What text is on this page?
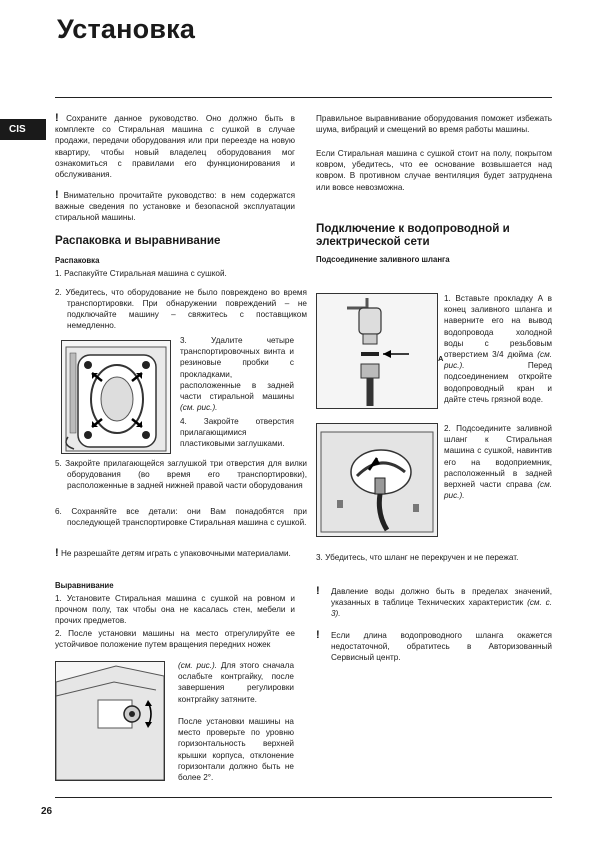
Установка
CIS
! Сохраните данное руководство. Оно должно быть в комплекте со Стиральная машина с сушкой в случае продажи, передачи оборудования или при переезде на новую квартиру, чтобы новый владелец оборудования мог ознакомиться с правилами его функционирования и обслуживания.
! Внимательно прочитайте руководство: в нем содержатся важные сведения по установке и безопасной эксплуатации стиральной машины.
Распаковка и выравнивание
Распаковка
1. Распакуйте Стиральная машина с сушкой.
2. Убедитесь, что оборудование не было повреждено во время транспортировки. При обнаружении повреждений – не подключайте машину – свяжитесь с поставщиком немедленно.
3. Удалите четыре транспортировочных винта и резиновые пробки с прокладками, расположенные в задней части стиральной машины (см. рис.).
4. Закройте отверстия прилагающимися пластиковыми заглушками.
5. Закройте прилагающейся заглушкой три отверстия для вилки оборудования (во время его транспортировки), расположенные в задней нижней правой части оборудования
6. Сохраняйте все детали: они Вам понадобятся при последующей транспортировке Стиральная машина с сушкой.
! Не разрешайте детям играть с упаковочными материалами.
Выравнивание
1. Установите Стиральная машина с сушкой на ровном и прочном полу, так чтобы она не касалась стен, мебели и прочих предметов.
2. После установки машины на место отрегулируйте ее устойчивое положение путем вращения передних ножек
(см. рис.). Для этого сначала ослабьте контргайку, после завершения регулировки контргайку затяните.
После установки машины на место проверьте по уровню горизонтальность верхней крышки корпуса, отклонение горизонтали должно быть не более 2°.
Правильное выравнивание оборудования поможет избежать шума, вибраций и смещений во время работы машины.
Если Стиральная машина с сушкой стоит на полу, покрытом ковром, убедитесь, что ее основание возвышается над ковром. В противном случае вентиляция будет затруднена или вовсе невозможна.
Подключение к водопроводной и электрической сети
Подсоединение заливного шланга
A
1. Вставьте прокладку А в конец заливного шланга и наверните его на вывод водопровода холодной воды с резьбовым отверстием 3/4 дюйма (см. рис.).	Перед подсоединением откройте водопроводный кран и дайте стечь грязной воде.
2. Подсоедините заливной шланг к Стиральная машина с сушкой, навинтив его на водоприемник, расположенный в задней верхней части справа (см. рис.).
3. Убедитесь, что шланг не перекручен и не пережат.
!	Давление воды должно быть в пределах значений, указанных в таблице Технических характеристик (см. с. 3).
!	Если длина водопроводного шланга окажется недостаточной, обратитесь в Авторизованный Сервисный центр.
26
